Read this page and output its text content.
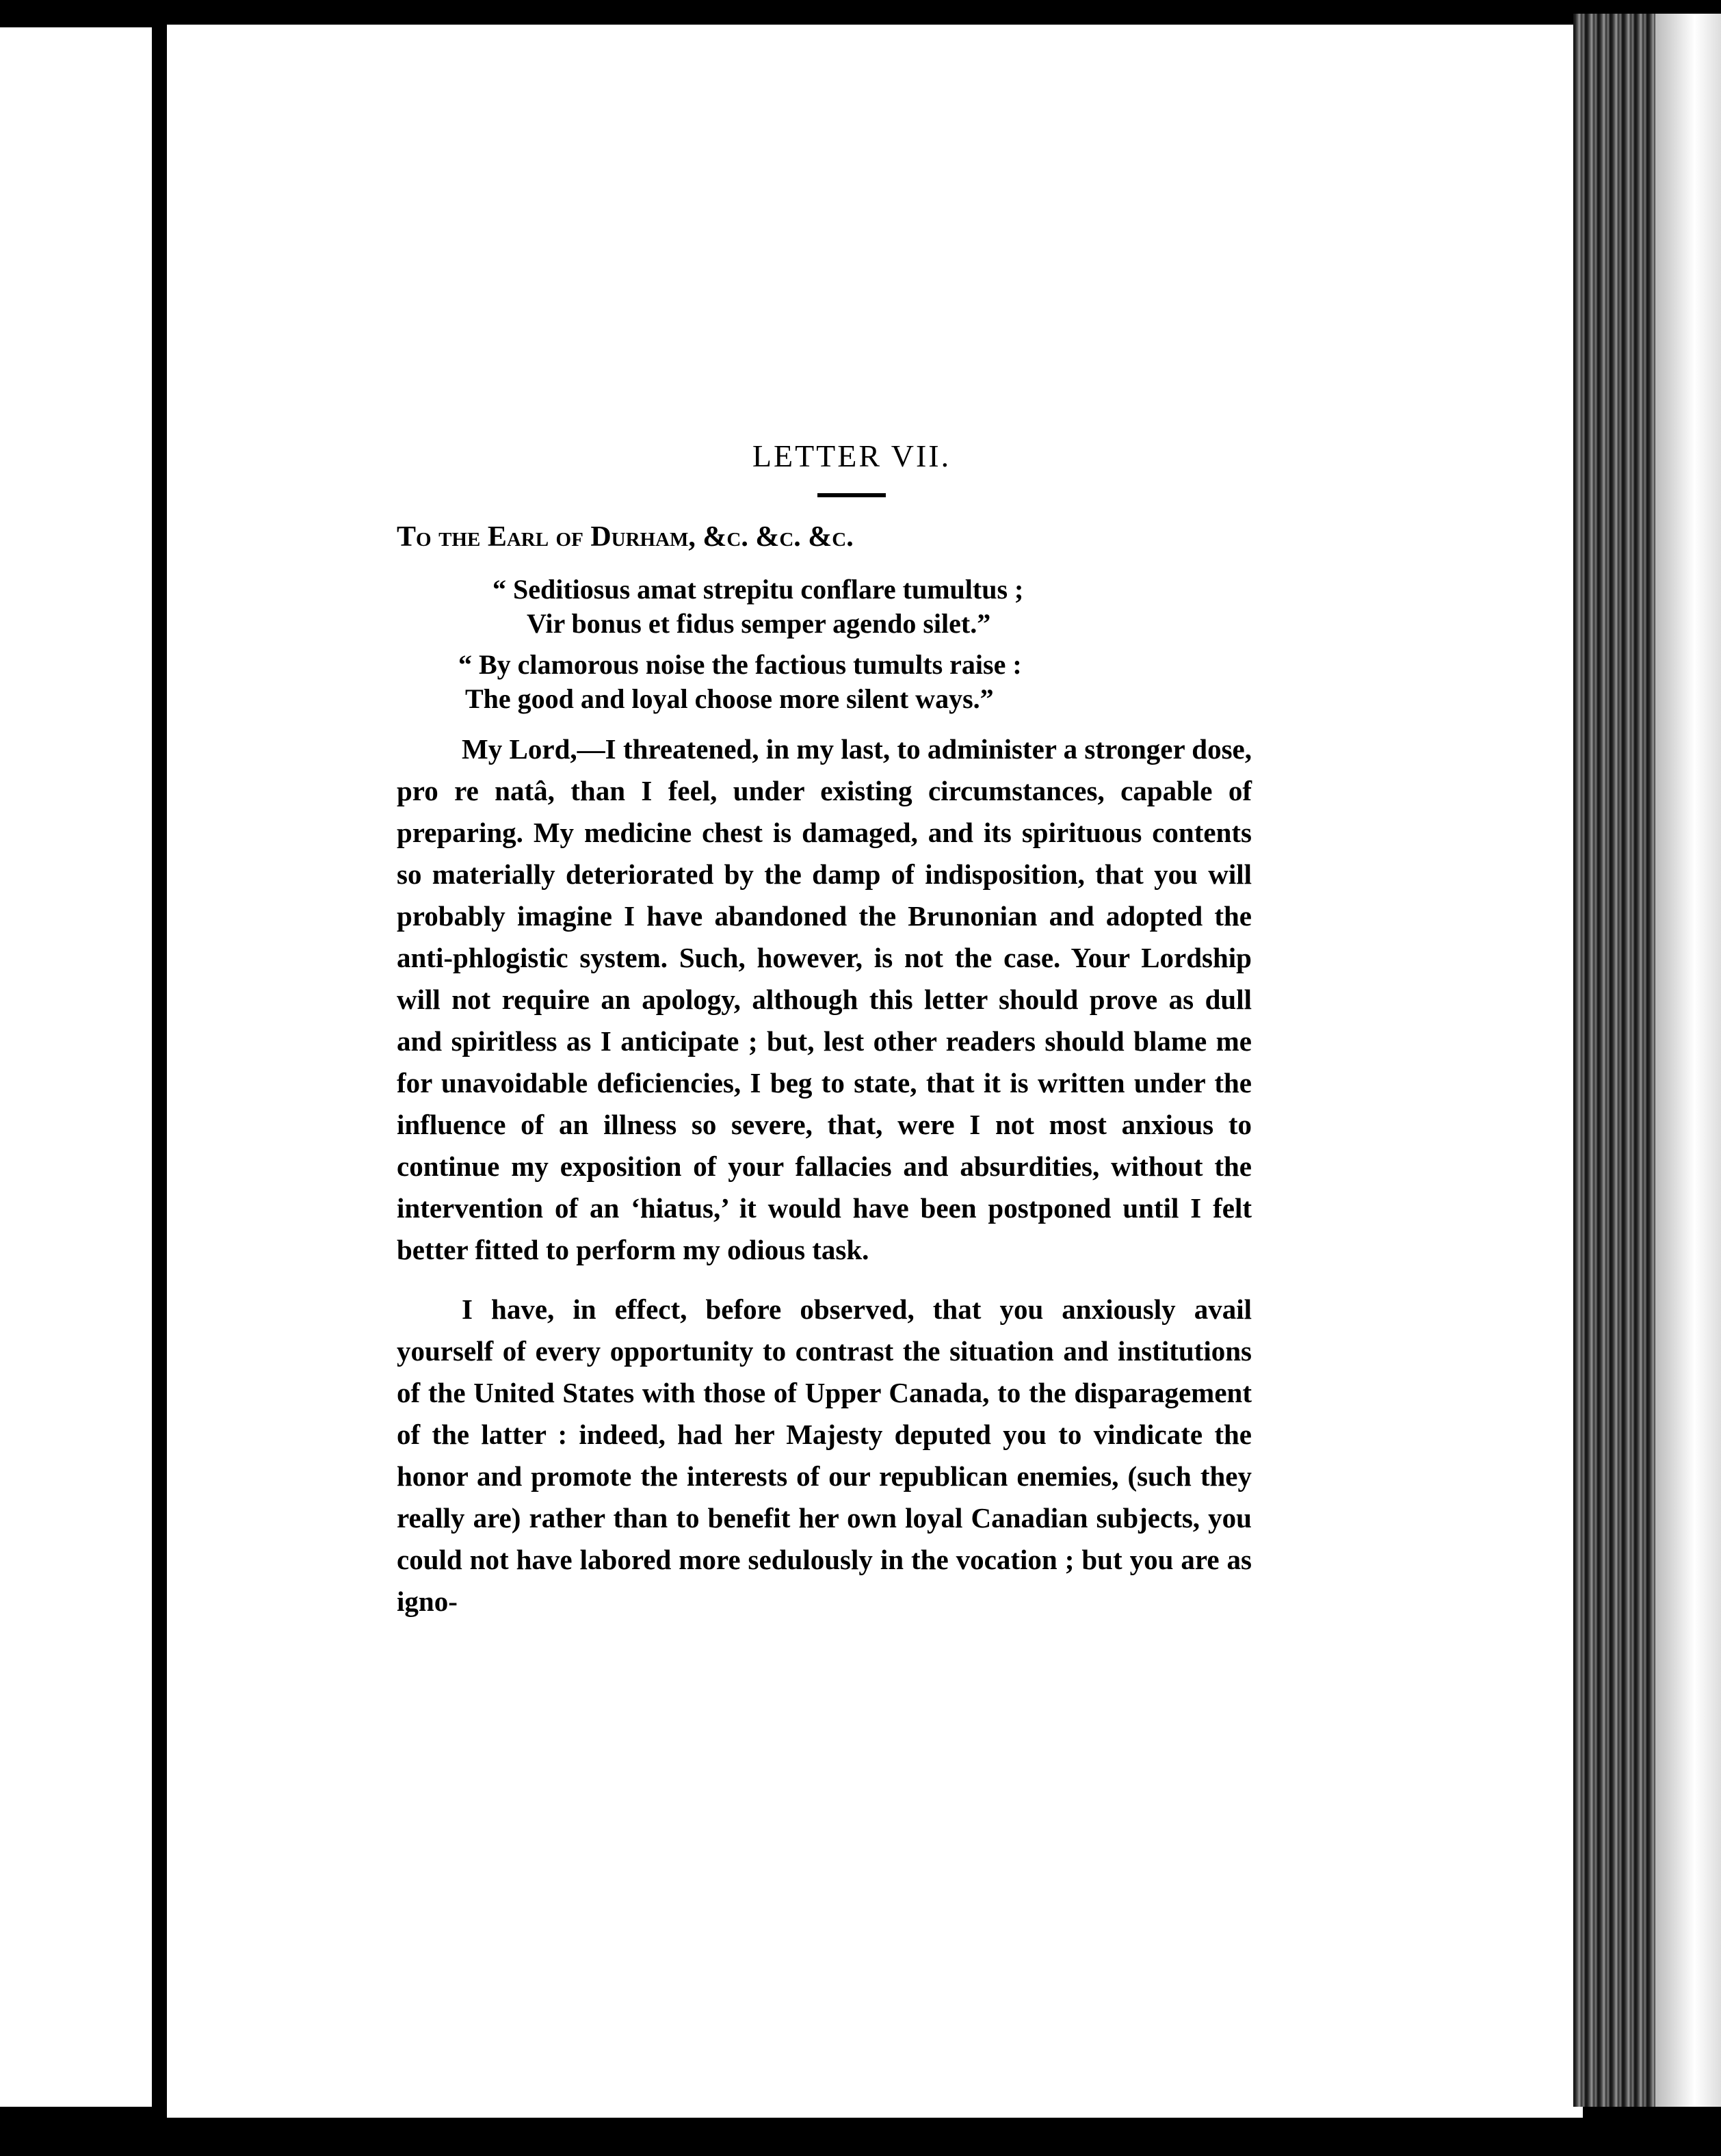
LETTER VII.
To the Earl of Durham, &c. &c. &c.
“ Seditiosus amat strepitu conflare tumultus ;
Vir bonus et fidus semper agendo silet.”
“ By clamorous noise the factious tumults raise :
The good and loyal choose more silent ways.”

My Lord,—I threatened, in my last, to administer a stronger dose, pro re natâ, than I feel, under existing circumstances, capable of preparing. My medicine chest is damaged, and its spirituous contents so materially deteriorated by the damp of indisposition, that you will probably imagine I have abandoned the Brunonian and adopted the anti-phlogistic system. Such, however, is not the case. Your Lordship will not require an apology, although this letter should prove as dull and spiritless as I anticipate ; but, lest other readers should blame me for unavoidable deficiencies, I beg to state, that it is written under the influence of an illness so severe, that, were I not most anxious to continue my exposition of your fallacies and absurdities, without the intervention of an ‘hiatus,’ it would have been postponed until I felt better fitted to perform my odious task.

I have, in effect, before observed, that you anxiously avail yourself of every opportunity to contrast the situation and institutions of the United States with those of Upper Canada, to the disparagement of the latter : indeed, had her Majesty deputed you to vindicate the honor and promote the interests of our republican enemies, (such they really are) rather than to benefit her own loyal Canadian subjects, you could not have labored more sedulously in the vocation ; but you are as igno-
